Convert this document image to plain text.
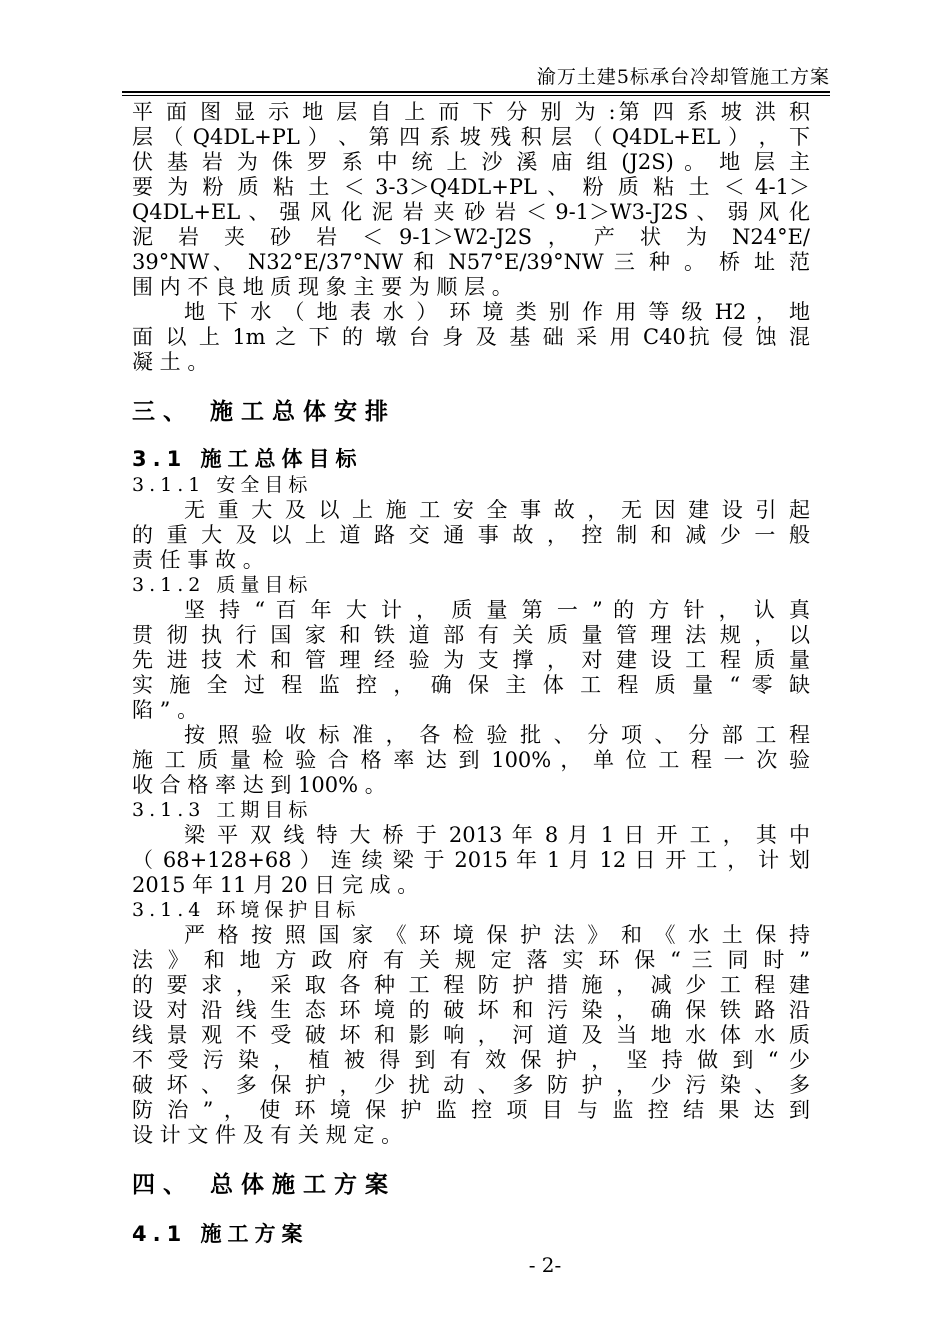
渝万土建5标承台冷却管施工方案
平 面 图 显 示 地 层 自 上 而 下 分 别 为 :第 四 系 坡 洪 积
层 （ Q4DL+PL ） 、 第 四 系 坡 残 积 层 （ Q4DL+EL ） ， 下
伏 基 岩 为 侏 罗 系 中 统 上 沙 溪 庙 组 (J2S) 。 地 层 主
要 为 粉 质 粘 土 ＜ 3-3＞Q4DL+PL 、 粉 质 粘 土 ＜ 4-1＞
Q4DL+EL 、 强 风 化 泥 岩 夹 砂 岩 ＜ 9-1＞W3-J2S 、 弱 风 化
泥 岩 夹 砂 岩 ＜ 9-1＞W2-J2S ， 产 状 为 N24°E/
39°NW、 N32°E/37°NW 和 N57°E/39°NW 三 种 。 桥 址 范
围 内 不 良 地 质 现 象 主 要 为 顺 层 。
地 下 水 （ 地 表 水 ） 环 境 类 别 作 用 等 级 H2 ， 地
面 以 上 1m 之 下 的 墩 台 身 及 基 础 采 用 C40抗 侵 蚀 混
凝 土 。
三、 施工总体安排
3.1 施工总体目标
3.1.1 安全目标
无 重 大 及 以 上 施 工 安 全 事 故 ， 无 因 建 设 引 起
的 重 大 及 以 上 道 路 交 通 事 故 ， 控 制 和 减 少 一 般
责 任 事 故 。
3.1.2 质量目标
坚 持 “ 百 年 大 计 ， 质 量 第 一 ” 的 方 针 ， 认 真
贯 彻 执 行 国 家 和 铁 道 部 有 关 质 量 管 理 法 规 ， 以
先 进 技 术 和 管 理 经 验 为 支 撑 ， 对 建 设 工 程 质 量
实 施 全 过 程 监 控 ， 确 保 主 体 工 程 质 量 “ 零 缺
陷 ” 。
按 照 验 收 标 准 ， 各 检 验 批 、 分 项 、 分 部 工 程
施 工 质 量 检 验 合 格 率 达 到 100% ， 单 位 工 程 一 次 验
收 合 格 率 达 到 100% 。
3.1.3 工期目标
梁 平 双 线 特 大 桥 于 2013 年 8 月 1 日 开 工 ， 其 中
（ 68+128+68 ） 连 续 梁 于 2015 年 1 月 12 日 开 工 ， 计 划
2015 年 11 月 20 日 完 成 。
3.1.4 环境保护目标
严 格 按 照 国 家 《 环 境 保 护 法 》 和 《 水 土 保 持
法 》 和 地 方 政 府 有 关 规 定 落 实 环 保 “ 三 同 时 ”
的 要 求 ， 采 取 各 种 工 程 防 护 措 施 ， 减 少 工 程 建
设 对 沿 线 生 态 环 境 的 破 坏 和 污 染 ， 确 保 铁 路 沿
线 景 观 不 受 破 坏 和 影 响 ， 河 道 及 当 地 水 体 水 质
不 受 污 染 ， 植 被 得 到 有 效 保 护 ， 坚 持 做 到 “ 少
破 坏 、 多 保 护 ， 少 扰 动 、 多 防 护 ， 少 污 染 、 多
防 治 ” ， 使 环 境 保 护 监 控 项 目 与 监 控 结 果 达 到
设 计 文 件 及 有 关 规 定 。
四、 总体施工方案
4.1 施工方案
- 2-
